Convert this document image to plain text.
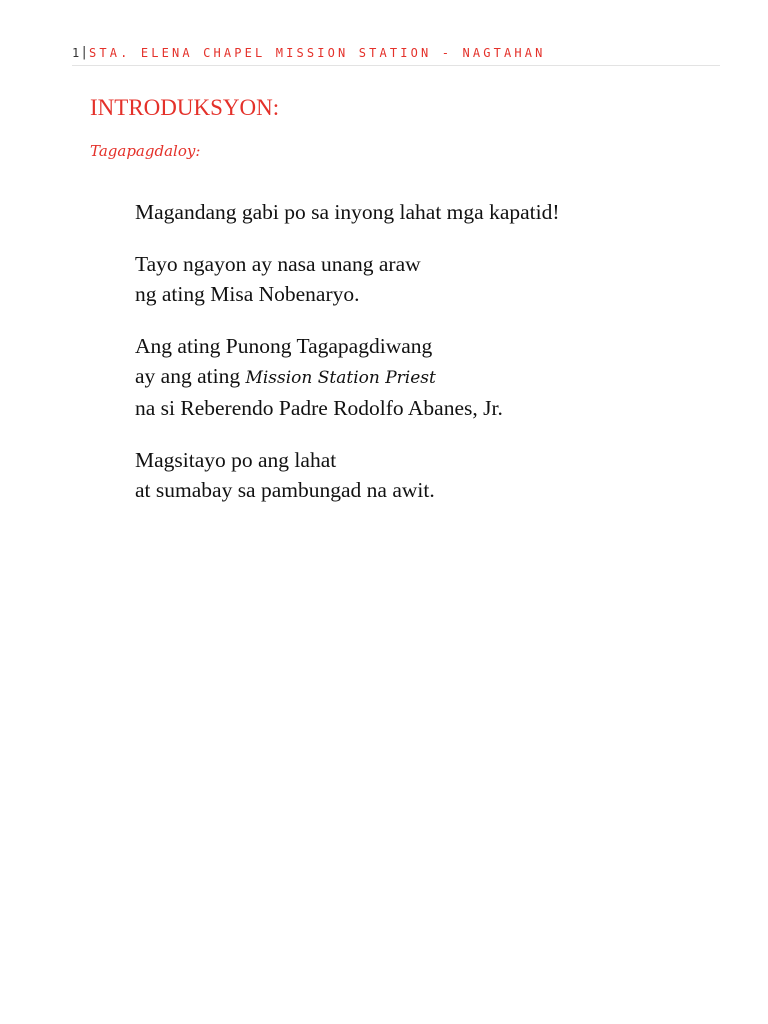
1 | STA. ELENA CHAPEL MISSION STATION - NAGTAHAN
INTRODUKSYON:
Tagapagdaloy:

Magandang gabi po sa inyong lahat mga kapatid!

Tayo ngayon ay nasa unang araw
ng ating Misa Nobenaryo.

Ang ating Punong Tagapagdiwang
ay ang ating Mission Station Priest
na si Reberendo Padre Rodolfo Abanes, Jr.

Magsitayo po ang lahat
at sumabay sa pambungad na awit.
